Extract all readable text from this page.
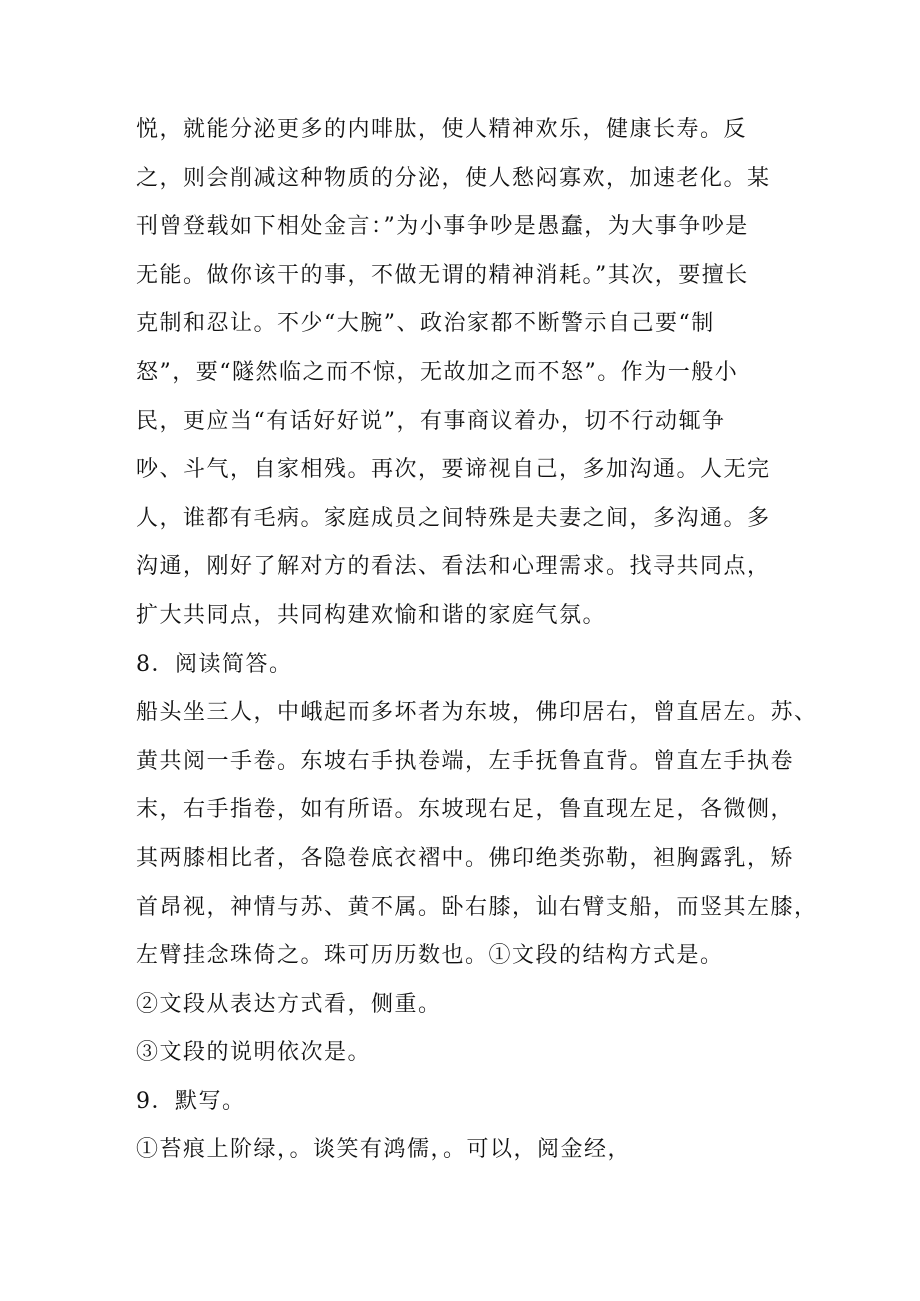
悦，就能分泌更多的内啡肽，使人精神欢乐，健康长寿。反
之，则会削减这种物质的分泌，使人愁闷寡欢，加速老化。某
刊曾登载如下相处金言：”为小事争吵是愚蠢，为大事争吵是
无能。做你该干的事，不做无谓的精神消耗。”其次，要擅长
克制和忍让。不少“大腕”、政治家都不断警示自己要“制
怒”，要“隧然临之而不惊，无故加之而不怒”。作为一般小
民，更应当“有话好好说”，有事商议着办，切不行动辄争
吵、斗气，自家相残。再次，要谛视自己，多加沟通。人无完
人，谁都有毛病。家庭成员之间特殊是夫妻之间，多沟通。多
沟通，刚好了解对方的看法、看法和心理需求。找寻共同点，
扩大共同点，共同构建欢愉和谐的家庭气氛。
8．阅读简答。
船头坐三人，中峨起而多坏者为东坡，佛印居右，曾直居左。苏、
黄共阅一手卷。东坡右手执卷端，左手抚鲁直背。曾直左手执卷
末，右手指卷，如有所语。东坡现右足，鲁直现左足，各微侧，
其两膝相比者，各隐卷底衣褶中。佛印绝类弥勒，袒胸露乳，矫
首昂视，神情与苏、黄不属。卧右膝，讪右臂支船，而竖其左膝，
左臂挂念珠倚之。珠可历历数也。①文段的结构方式是。
②文段从表达方式看，侧重。
③文段的说明依次是。
9．默写。
①苔痕上阶绿，。谈笑有鸿儒，。可以，阅金经，
